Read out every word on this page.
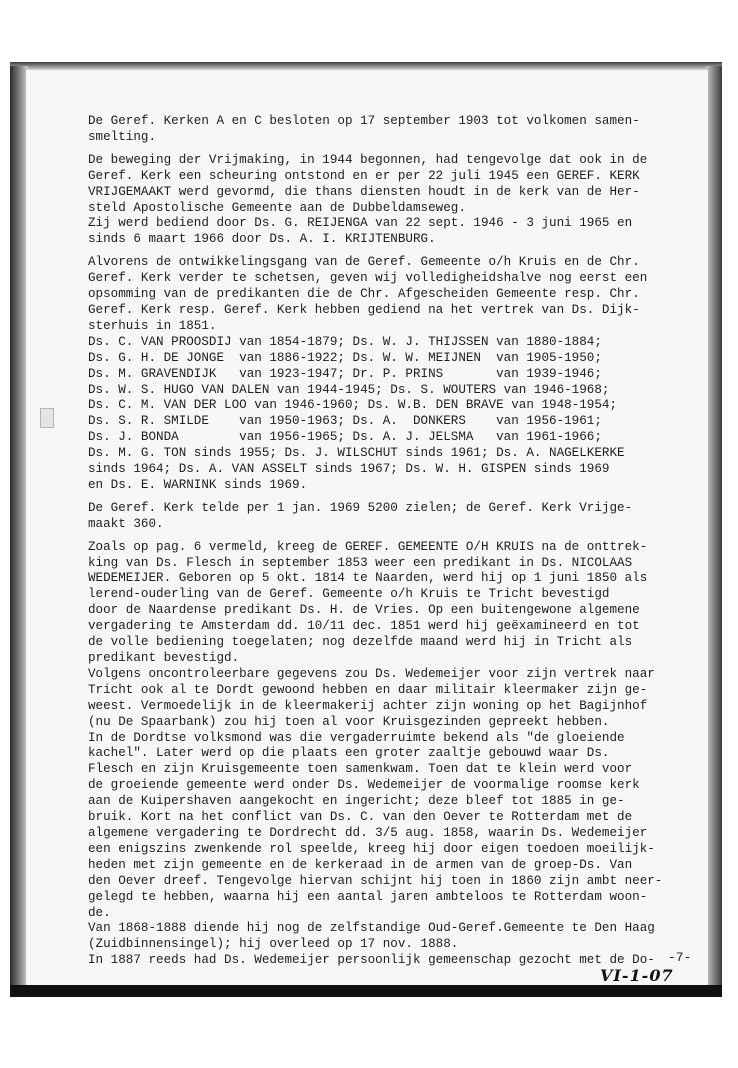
De Geref. Kerken A en C besloten op 17 september 1903 tot volkomen samen-
smelting.

De beweging der Vrijmaking, in 1944 begonnen, had tengevolge dat ook in de
Geref. Kerk een scheuring ontstond en er per 22 juli 1945 een GEREF. KERK
VRIJGEMAAKT werd gevormd, die thans diensten houdt in de kerk van de Her-
steld Apostolische Gemeente aan de Dubbeldamseweg.
Zij werd bediend door Ds. G. REIJENGA van 22 sept. 1946 - 3 juni 1965 en
sinds 6 maart 1966 door Ds. A. I. KRIJTENBURG.

Alvorens de ontwikkelingsgang van de Geref. Gemeente o/h Kruis en de Chr.
Geref. Kerk verder te schetsen, geven wij volledigheidshalve nog eerst een
opsomming van de predikanten die de Chr. Afgescheiden Gemeente resp. Chr.
Geref. Kerk resp. Geref. Kerk hebben gediend na het vertrek van Ds. Dijk-
sterhuis in 1851.
Ds. C. VAN PROOSDIJ van 1854-1879; Ds. W. J. THIJSSEN van 1880-1884;
Ds. G. H. DE JONGE  van 1886-1922; Ds. W. W. MEIJNEN  van 1905-1950;
Ds. M. GRAVENDIJK   van 1923-1947; Dr. P. PRINS       van 1939-1946;
Ds. W. S. HUGO VAN DALEN van 1944-1945; Ds. S. WOUTERS van 1946-1968;
Ds. C. M. VAN DER LOO van 1946-1960; Ds. W.B. DEN BRAVE van 1948-1954;
Ds. S. R. SMILDE    van 1950-1963; Ds. A.  DONKERS    van 1956-1961;
Ds. J. BONDA        van 1956-1965; Ds. A. J. JELSMA   van 1961-1966;
Ds. M. G. TON sinds 1955; Ds. J. WILSCHUT sinds 1961; Ds. A. NAGELKERKE
sinds 1964; Ds. A. VAN ASSELT sinds 1967; Ds. W. H. GISPEN sinds 1969
en Ds. E. WARNINK sinds 1969.

De Geref. Kerk telde per 1 jan. 1969 5200 zielen; de Geref. Kerk Vrijge-
maakt 360.

Zoals op pag. 6 vermeld, kreeg de GEREF. GEMEENTE O/H KRUIS na de onttrek-
king van Ds. Flesch in september 1853 weer een predikant in Ds. NICOLAAS
WEDEMEIJER. Geboren op 5 okt. 1814 te Naarden, werd hij op 1 juni 1850 als
lerend-ouderling van de Geref. Gemeente o/h Kruis te Tricht bevestigd
door de Naardense predikant Ds. H. de Vries. Op een buitengewone algemene
vergadering te Amsterdam dd. 10/11 dec. 1851 werd hij geëxamineerd en tot
de volle bediening toegelaten; nog dezelfde maand werd hij in Tricht als
predikant bevestigd.
Volgens oncontroleerbare gegevens zou Ds. Wedemeijer voor zijn vertrek naar
Tricht ook al te Dordt gewoond hebben en daar militair kleermaker zijn ge-
weest. Vermoedelijk in de kleermakerij achter zijn woning op het Bagijnhof
(nu De Spaarbank) zou hij toen al voor Kruisgezinden gepreekt hebben.
In de Dordtse volksmond was die vergaderruimte bekend als "de gloeiende
kachel". Later werd op die plaats een groter zaaltje gebouwd waar Ds.
Flesch en zijn Kruisgemeente toen samenkwam. Toen dat te klein werd voor
de groeiende gemeente werd onder Ds. Wedemeijer de voormalige roomse kerk
aan de Kuipershaven aangekocht en ingericht; deze bleef tot 1885 in ge-
bruik. Kort na het conflict van Ds. C. van den Oever te Rotterdam met de
algemene vergadering te Dordrecht dd. 3/5 aug. 1858, waarin Ds. Wedemeijer
een enigszins zwenkende rol speelde, kreeg hij door eigen toedoen moeilijk-
heden met zijn gemeente en de kerkeraad in de armen van de groep-Ds. Van
den Oever dreef. Tengevolge hiervan schijnt hij toen in 1860 zijn ambt neer-
gelegd te hebben, waarna hij een aantal jaren ambteloos te Rotterdam woon-
de.
Van 1868-1888 diende hij nog de zelfstandige Oud-Geref.Gemeente te Den Haag
(Zuidbinnensingel); hij overleed op 17 nov. 1888.
In 1887 reeds had Ds. Wedemeijer persoonlijk gemeenschap gezocht met de Do-	-7-
VI-1-07
